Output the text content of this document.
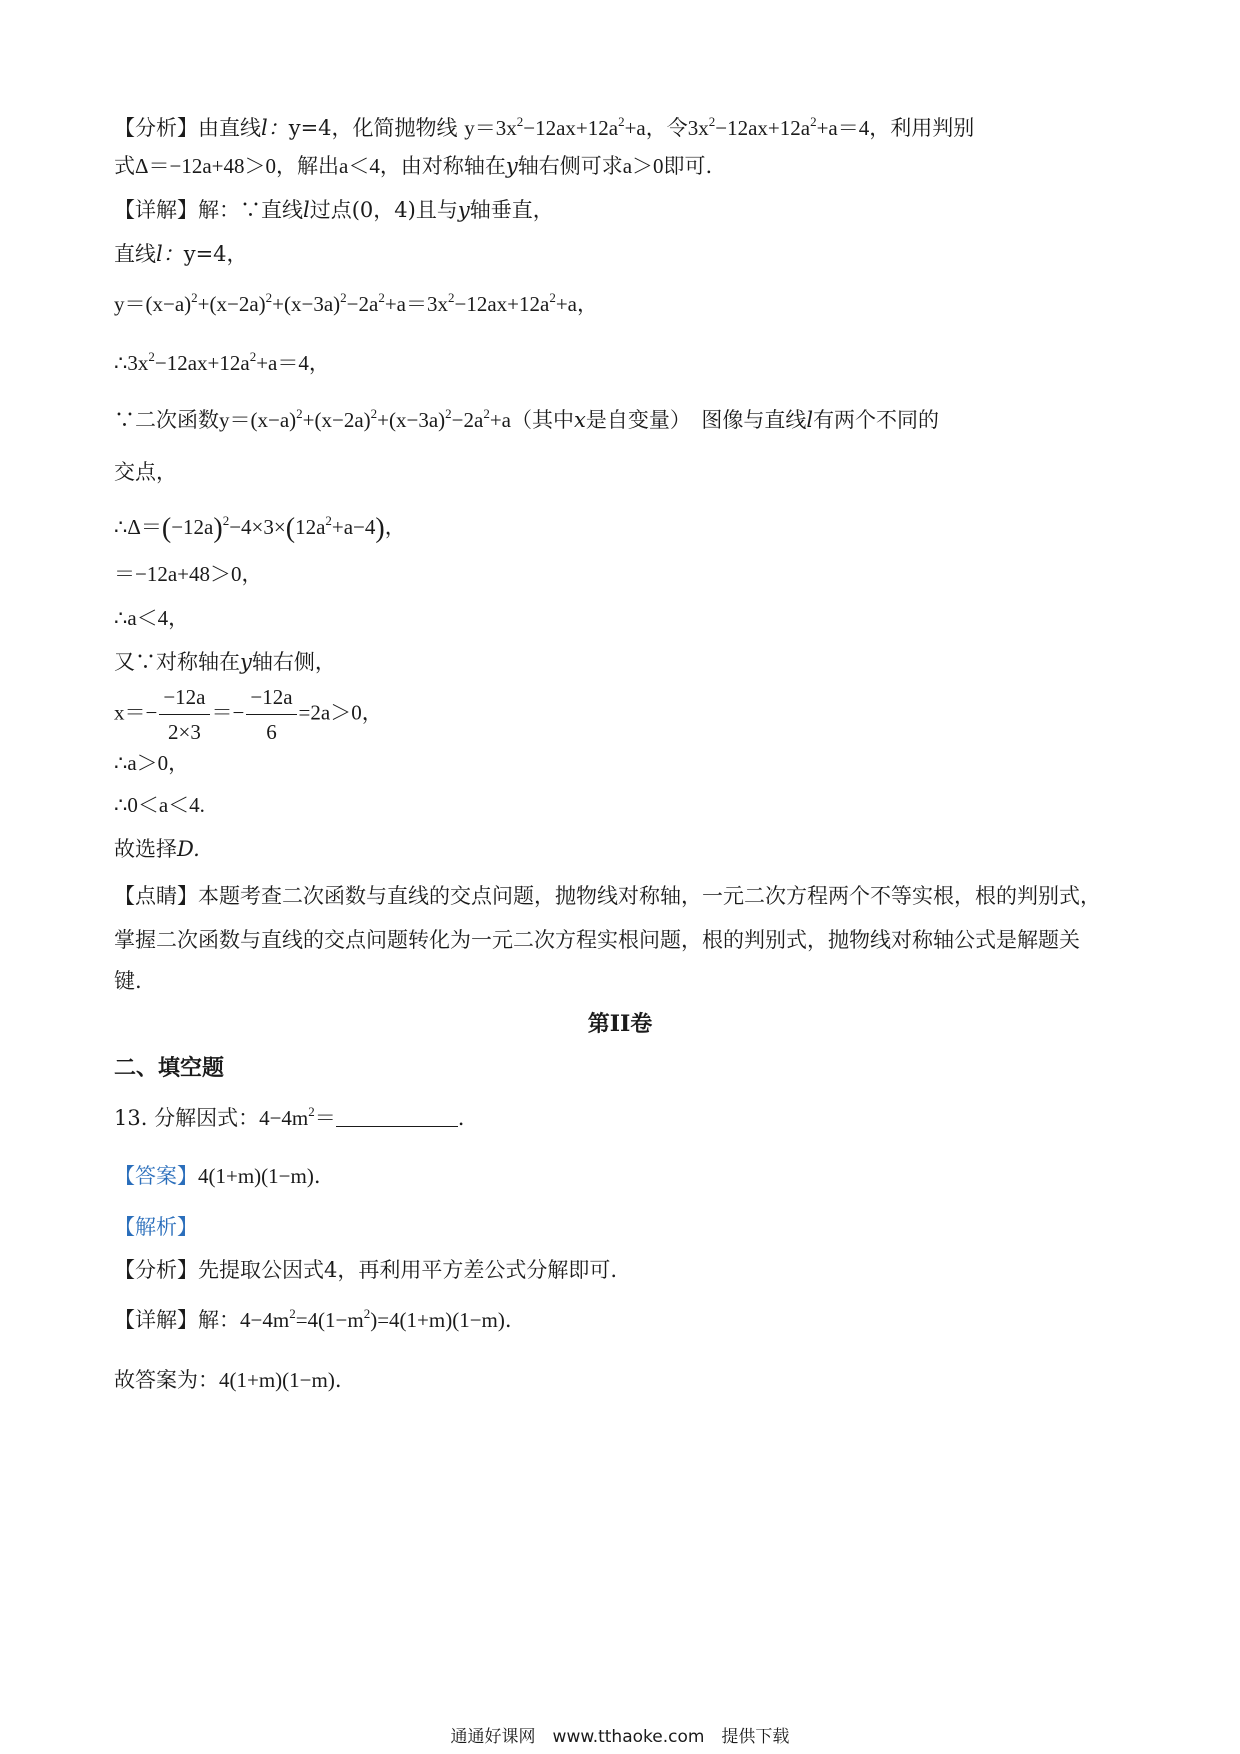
【分析】由直线l：y=4，化简抛物线 $y=3x^2-12ax+12a^2+a$，令$3x^2-12ax+12a^2+a=4$，利用判别
式Δ＝−12a+48＞0，解出a＜4，由对称轴在y轴右侧可求a＞0即可.
【详解】解：∵直线l过点(0，4)且与y轴垂直，
直线l：y=4，
$y=(x-a)^2+(x-2a)^2+(x-3a)^2-2a^2+a=3x^2-12ax+12a^2+a$，
$\therefore 3x^2-12ax+12a^2+a=4$，
∵二次函数$y=(x-a)^2+(x-2a)^2+(x-3a)^2-2a^2+a$（其中x是自变量）　图像与直线l有两个不同的
交点，
$\therefore\Delta=(-12a)^2-4\times 3\times(12a^2+a-4)$，
＝−12a+48＞0，
∴a＜4，
又∵对称轴在y轴右侧，
$x=- \frac{-12a}{2\times 3} =- \frac{-12a}{6} =2a>0$，
∴a＞0，
∴0＜a＜4.
故选择D.
【点睛】本题考查二次函数与直线的交点问题，抛物线对称轴，一元二次方程两个不等实根，根的判别式，
掌握二次函数与直线的交点问题转化为一元二次方程实根问题，根的判别式，抛物线对称轴公式是解题关
键.
第II卷
二、填空题
13. 分解因式：$4-4m^2=$	.
【答案】4(1+m)(1−m).
【解析】
【分析】先提取公因式4，再利用平方差公式分解即可.
【详解】解：$4-4m^2=4(1-m^2)=4(1+m)(1-m)$.
故答案为：4(1+m)(1−m).
通通好课网　www.tthaoke.com　提供下载
